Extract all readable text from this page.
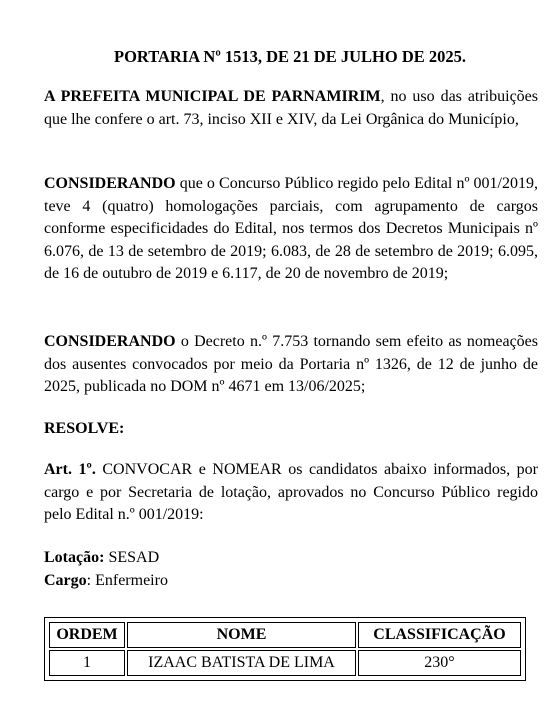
PORTARIA Nº 1513, DE 21 DE JULHO DE 2025.

A PREFEITA MUNICIPAL DE PARNAMIRIM, no uso das atribuições que lhe confere o art. 73, inciso XII e XIV, da Lei Orgânica do Município,

CONSIDERANDO que o Concurso Público regido pelo Edital nº 001/2019, teve 4 (quatro) homologações parciais, com agrupamento de cargos conforme especificidades do Edital, nos termos dos Decretos Municipais nº 6.076, de 13 de setembro de 2019; 6.083, de 28 de setembro de 2019; 6.095, de 16 de outubro de 2019 e 6.117, de 20 de novembro de 2019;

CONSIDERANDO o Decreto n.º 7.753 tornando sem efeito as nomeações dos ausentes convocados por meio da Portaria nº 1326, de 12 de junho de 2025, publicada no DOM nº 4671 em 13/06/2025;

RESOLVE:

Art. 1º. CONVOCAR e NOMEAR os candidatos abaixo informados, por cargo e por Secretaria de lotação, aprovados no Concurso Público regido pelo Edital n.º 001/2019:

Lotação: SESAD
Cargo: Enfermeiro

ORDEM	NOME	CLASSIFICAÇÃO
1	IZAAC BATISTA DE LIMA	230°
